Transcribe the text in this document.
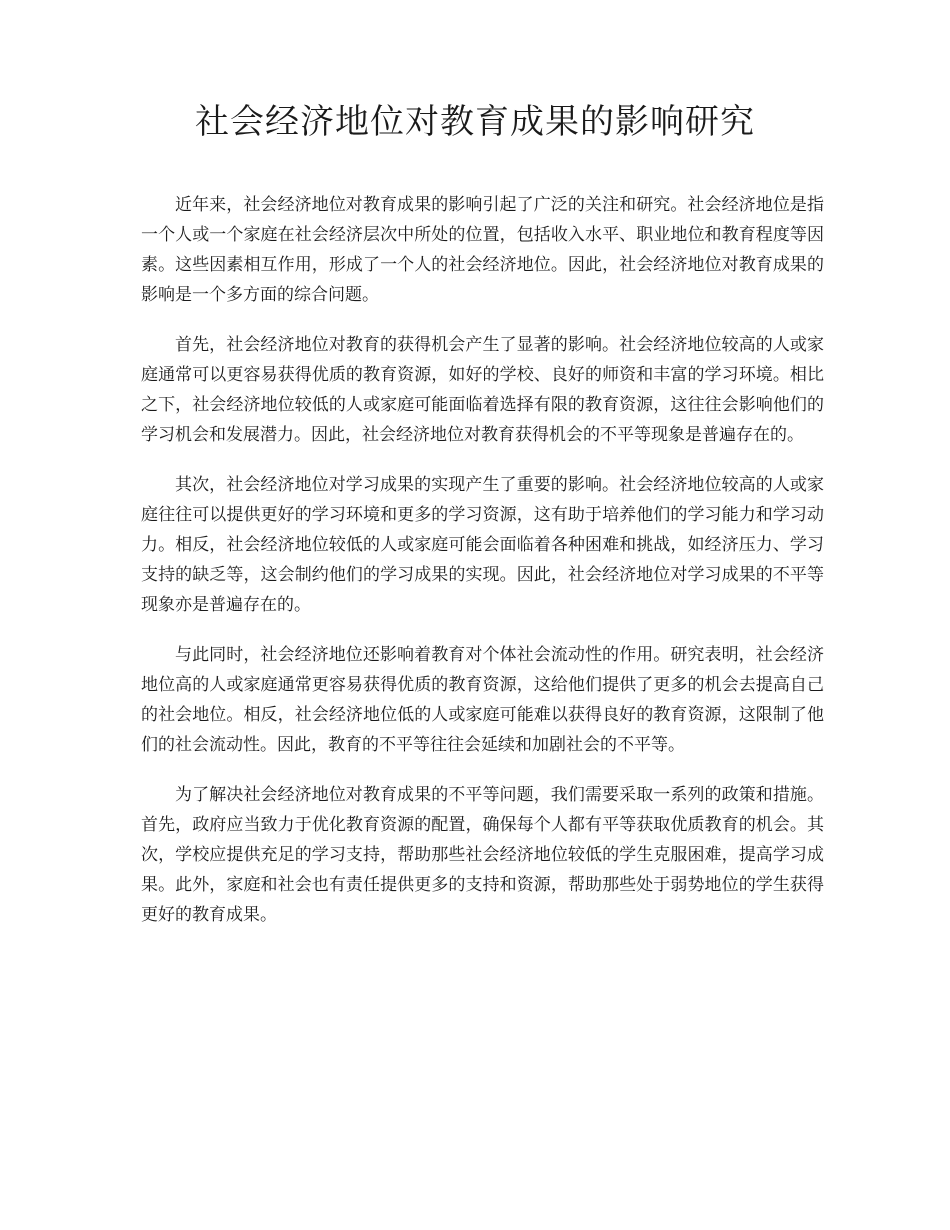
社会经济地位对教育成果的影响研究

近年来，社会经济地位对教育成果的影响引起了广泛的关注和研究。社会经济地位是指一个人或一个家庭在社会经济层次中所处的位置，包括收入水平、职业地位和教育程度等因素。这些因素相互作用，形成了一个人的社会经济地位。因此，社会经济地位对教育成果的影响是一个多方面的综合问题。

首先，社会经济地位对教育的获得机会产生了显著的影响。社会经济地位较高的人或家庭通常可以更容易获得优质的教育资源，如好的学校、良好的师资和丰富的学习环境。相比之下，社会经济地位较低的人或家庭可能面临着选择有限的教育资源，这往往会影响他们的学习机会和发展潜力。因此，社会经济地位对教育获得机会的不平等现象是普遍存在的。

其次，社会经济地位对学习成果的实现产生了重要的影响。社会经济地位较高的人或家庭往往可以提供更好的学习环境和更多的学习资源，这有助于培养他们的学习能力和学习动力。相反，社会经济地位较低的人或家庭可能会面临着各种困难和挑战，如经济压力、学习支持的缺乏等，这会制约他们的学习成果的实现。因此，社会经济地位对学习成果的不平等现象亦是普遍存在的。

与此同时，社会经济地位还影响着教育对个体社会流动性的作用。研究表明，社会经济地位高的人或家庭通常更容易获得优质的教育资源，这给他们提供了更多的机会去提高自己的社会地位。相反，社会经济地位低的人或家庭可能难以获得良好的教育资源，这限制了他们的社会流动性。因此，教育的不平等往往会延续和加剧社会的不平等。

为了解决社会经济地位对教育成果的不平等问题，我们需要采取一系列的政策和措施。首先，政府应当致力于优化教育资源的配置，确保每个人都有平等获取优质教育的机会。其次，学校应提供充足的学习支持，帮助那些社会经济地位较低的学生克服困难，提高学习成果。此外，家庭和社会也有责任提供更多的支持和资源，帮助那些处于弱势地位的学生获得更好的教育成果。
